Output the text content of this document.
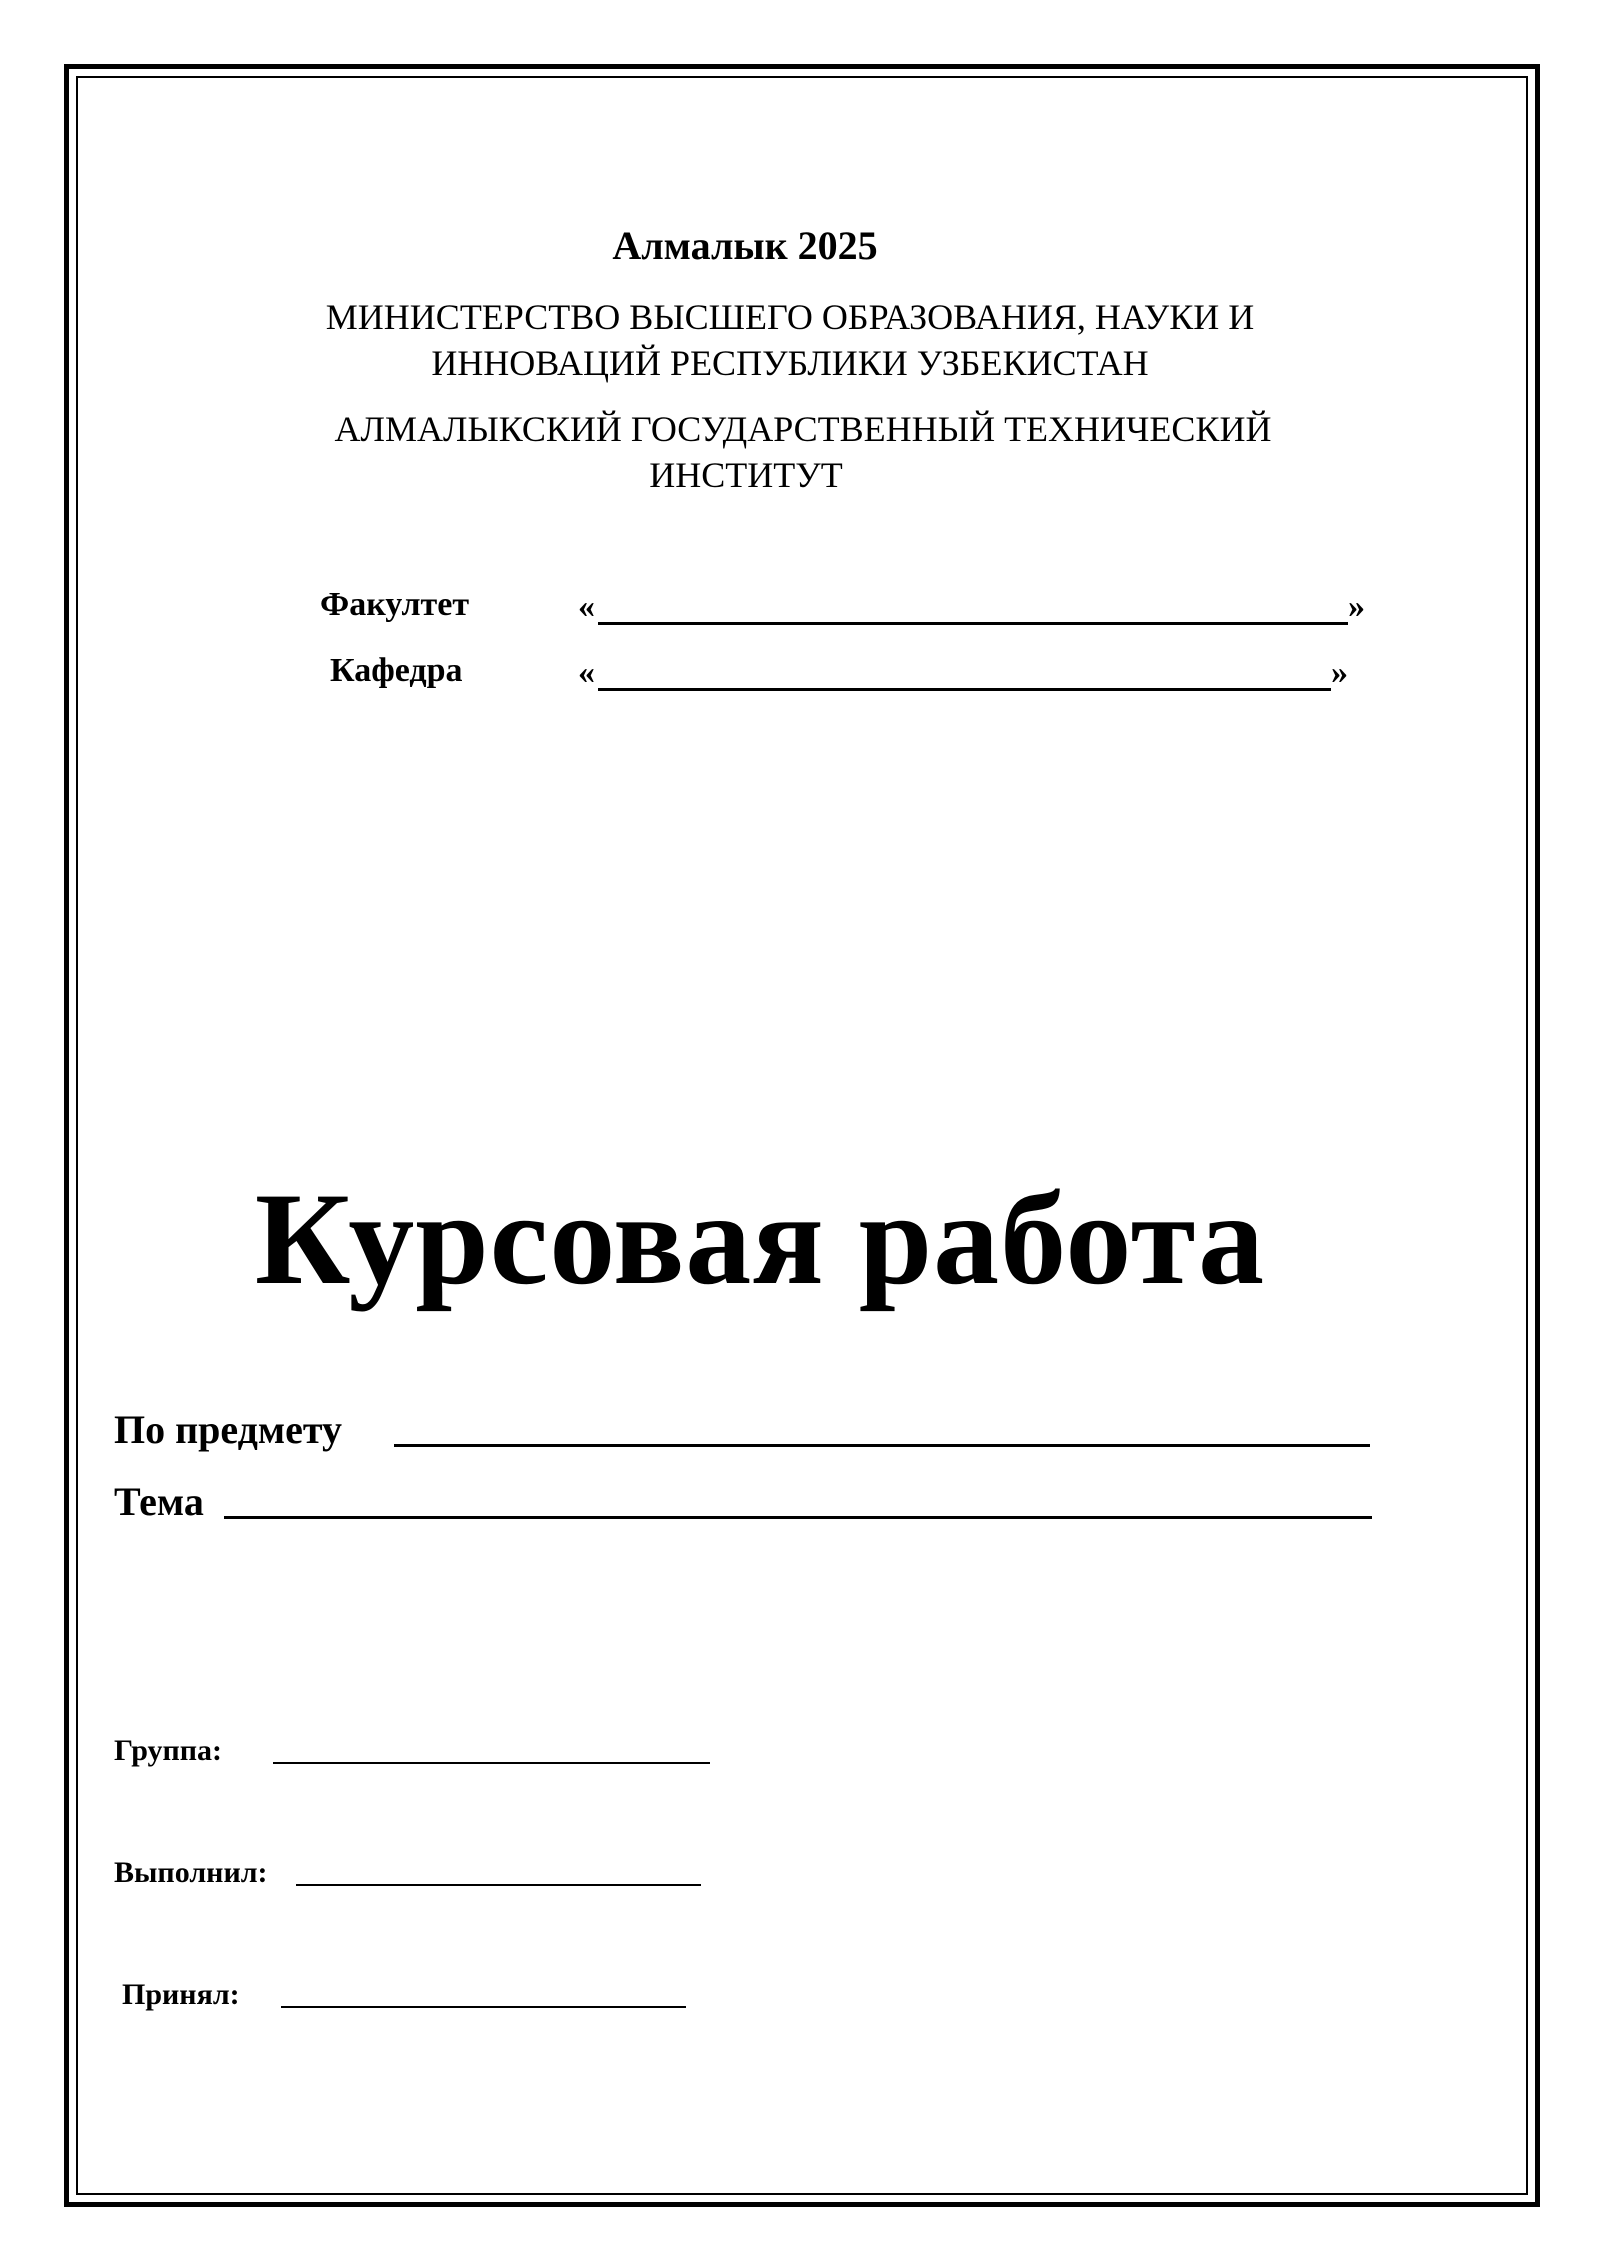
Алмалык 2025
МИНИСТЕРСТВО ВЫСШЕГО ОБРАЗОВАНИЯ, НАУКИ И
ИННОВАЦИЙ РЕСПУБЛИКИ УЗБЕКИСТАН
АЛМАЛЫКСКИЙ ГОСУДАРСТВЕННЫЙ ТЕХНИЧЕСКИЙ
ИНСТИТУТ
Факултет	«	»
Кафедра	«	»
Курсовая работа
По предмету
Тема
Группа:
Выполнил:
Принял:
